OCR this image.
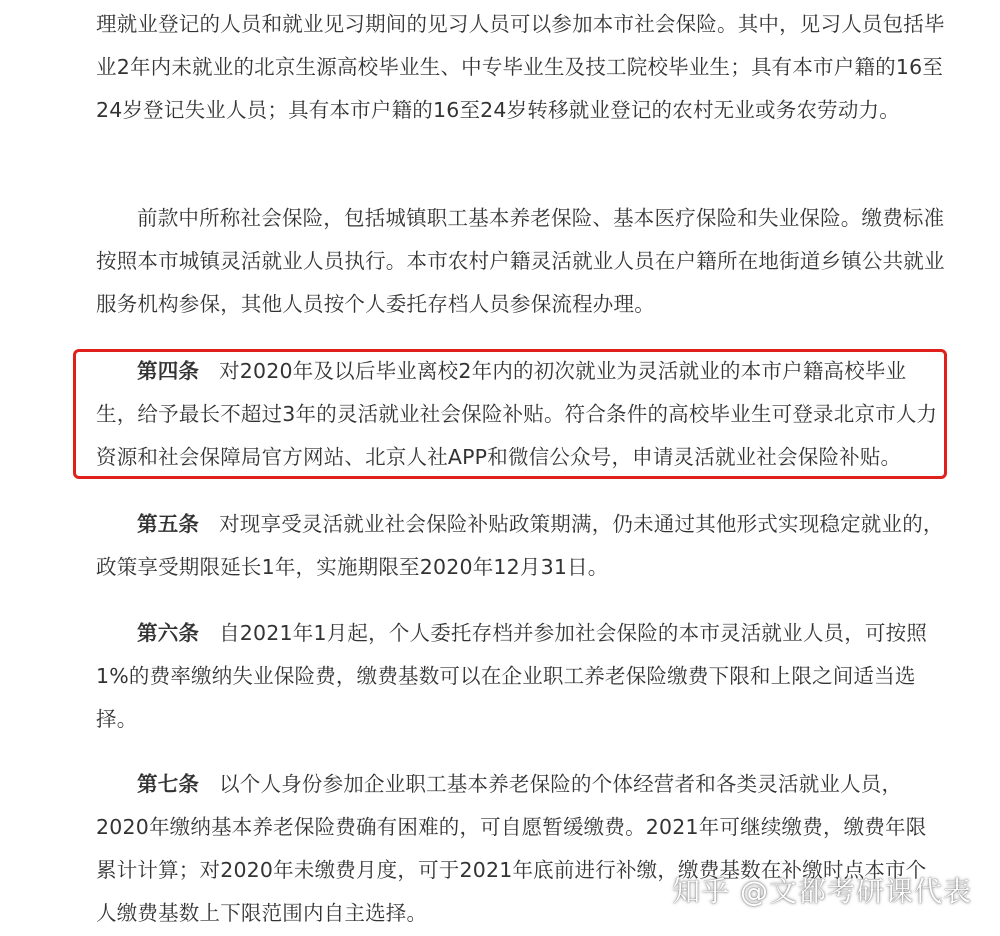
理就业登记的人员和就业见习期间的见习人员可以参加本市社会保险。其中，见习人员包括毕业2年内未就业的北京生源高校毕业生、中专毕业生及技工院校毕业生；具有本市户籍的16至24岁登记失业人员；具有本市户籍的16至24岁转移就业登记的农村无业或务农劳动力。

前款中所称社会保险，包括城镇职工基本养老保险、基本医疗保险和失业保险。缴费标准按照本市城镇灵活就业人员执行。本市农村户籍灵活就业人员在户籍所在地街道乡镇公共就业服务机构参保，其他人员按个人委托存档人员参保流程办理。

第四条 对2020年及以后毕业离校2年内的初次就业为灵活就业的本市户籍高校毕业生，给予最长不超过3年的灵活就业社会保险补贴。符合条件的高校毕业生可登录北京市人力资源和社会保障局官方网站、北京人社APP和微信公众号，申请灵活就业社会保险补贴。

第五条 对现享受灵活就业社会保险补贴政策期满，仍未通过其他形式实现稳定就业的，政策享受期限延长1年，实施期限至2020年12月31日。

第六条 自2021年1月起，个人委托存档并参加社会保险的本市灵活就业人员，可按照1%的费率缴纳失业保险费，缴费基数可以在企业职工养老保险缴费下限和上限之间适当选择。

第七条 以个人身份参加企业职工基本养老保险的个体经营者和各类灵活就业人员，2020年缴纳基本养老保险费确有困难的，可自愿暂缓缴费。2021年可继续缴费，缴费年限累计计算；对2020年未缴费月度，可于2021年底前进行补缴，缴费基数在补缴时点本市个人缴费基数上下限范围内自主选择。

知乎 @文都考研课代表
